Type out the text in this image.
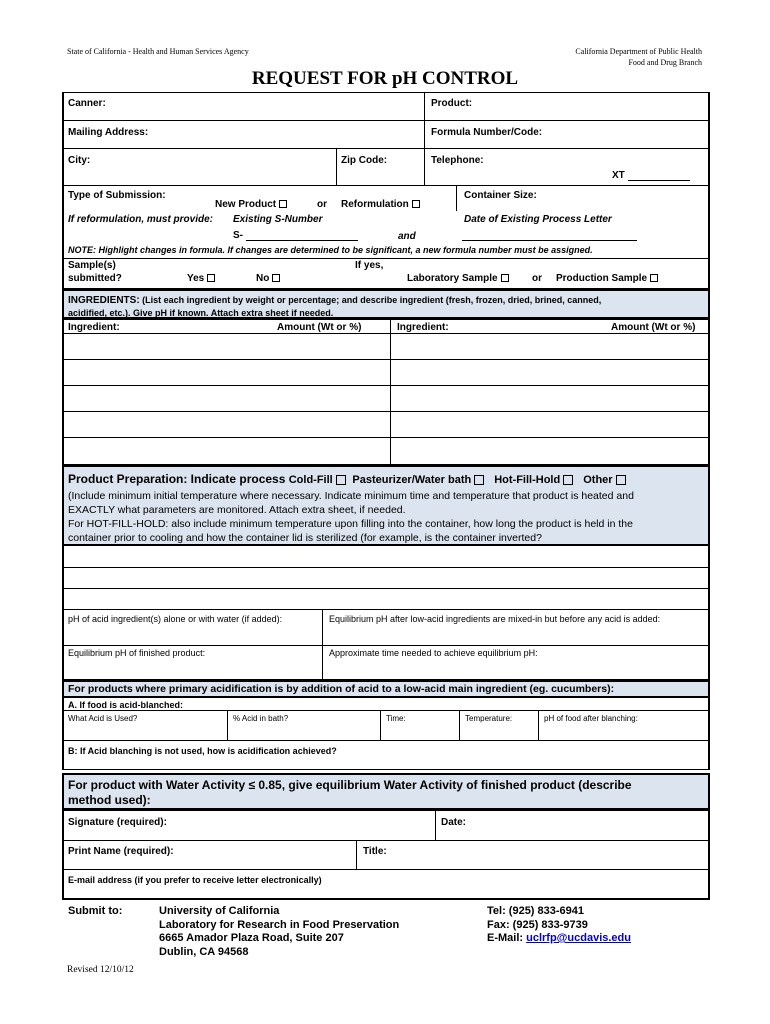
State of California - Health and Human Services Agency	California Department of Public Health
Food and Drug Branch
REQUEST FOR pH CONTROL
Canner:	Product:
Mailing Address:	Formula Number/Code:
City:	Zip Code:	Telephone:
XT
Type of Submission:
New Product	or Reformulation
Container Size:
If reformulation, must provide: Existing S-Number	Date of Existing Process Letter
S-	and
NOTE: Highlight changes in formula. If changes are determined to be significant, a new formula number must be assigned.
Sample(s)
submitted?	Yes	No
If yes,
Laboratory Sample	or Production Sample
INGREDIENTS: (List each ingredient by weight or percentage; and describe ingredient (fresh, frozen, dried, brined, canned,
acidified, etc.). Give pH if known. Attach extra sheet if needed.
Ingredient:	Amount (Wt or %)	Ingredient:	Amount (Wt or %)
Product Preparation: Indicate process Cold-Fill Pasteurizer/Water bath Hot-Fill-Hold Other
(Include minimum initial temperature where necessary. Indicate minimum time and temperature that product is heated and
EXACTLY what parameters are monitored. Attach extra sheet, if needed.
For HOT-FILL-HOLD: also include minimum temperature upon filling into the container, how long the product is held in the
container prior to cooling and how the container lid is sterilized (for example, is the container inverted?
pH of acid ingredient(s) alone or with water (if added):	Equilibrium pH after low-acid ingredients are mixed-in but before any acid is added:
Equilibrium pH of finished product:	Approximate time needed to achieve equilibrium pH:
For products where primary acidification is by addition of acid to a low-acid main ingredient (eg. cucumbers):
A. If food is acid-blanched:
What Acid is Used?	% Acid in bath?	Time:	Temperature:	pH of food after blanching:
B: If Acid blanching is not used, how is acidification achieved?
For product with Water Activity ≤ 0.85, give equilibrium Water Activity of finished product (describe
method used):
Signature (required):	Date:
Print Name (required):	Title:
E-mail address (if you prefer to receive letter electronically)
Submit to:	University of California
Laboratory for Research in Food Preservation
6665 Amador Plaza Road, Suite 207
Dublin, CA 94568
Tel: (925) 833-6941
Fax: (925) 833-9739
E-Mail: uclrfp@ucdavis.edu
Revised 12/10/12
